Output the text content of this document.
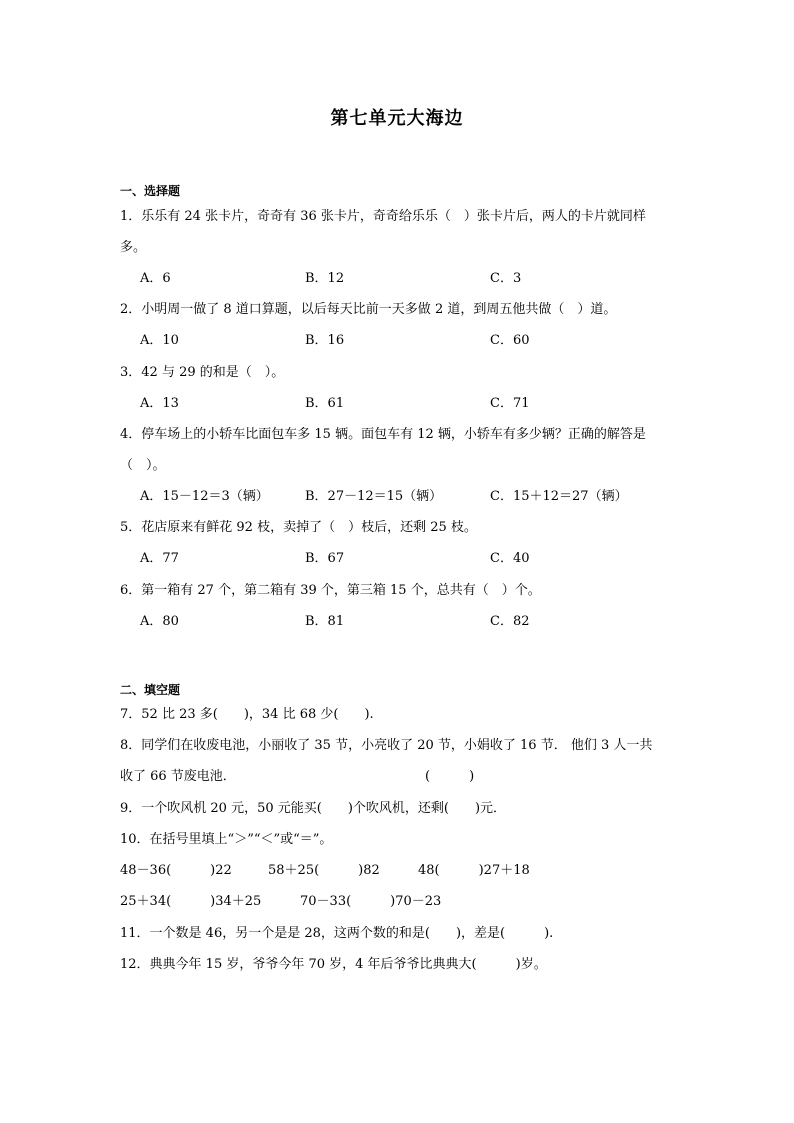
第七单元大海边
一、选择题
1．乐乐有 24 张卡片，奇奇有 36 张卡片，奇奇给乐乐（　）张卡片后，两人的卡片就同样
多。
A．6	B．12	C．3
2．小明周一做了 8 道口算题，以后每天比前一天多做 2 道，到周五他共做（　）道。
A．10	B．16	C．60
3．42 与 29 的和是（　）。
A．13	B．61	C．71
4．停车场上的小轿车比面包车多 15 辆。面包车有 12 辆，小轿车有多少辆？正确的解答是
（　）。
A．15－12＝3（辆）	B．27－12＝15（辆）	C．15＋12＝27（辆）
5．花店原来有鲜花 92 枝，卖掉了（　）枝后，还剩 25 枝。
A．77	B．67	C．40
6．第一箱有 27 个，第二箱有 39 个，第三箱 15 个，总共有（　）个。
A．80	B．81	C．82
二、填空题
7．52 比 23 多(　　)，34 比 68 少(　　).
8．同学们在收废电池，小丽收了 35 节，小亮收了 20 节，小娟收了 16 节． 他们 3 人一共
收了 66 节废电池．	(　　　)
9．一个吹风机 20 元，50 元能买(　　)个吹风机，还剩(　　)元．
10．在括号里填上“＞”“＜”或“＝”。
48－36(　　　)22	58＋25(　　　)82	48(　　　)27＋18
25＋34(　　　)34＋25	70－33(　　　)70－23
11．一个数是 46，另一个是是 28，这两个数的和是(　　)，差是(　　　).
12．典典今年 15 岁，爷爷今年 70 岁，4 年后爷爷比典典大(　　　)岁。
